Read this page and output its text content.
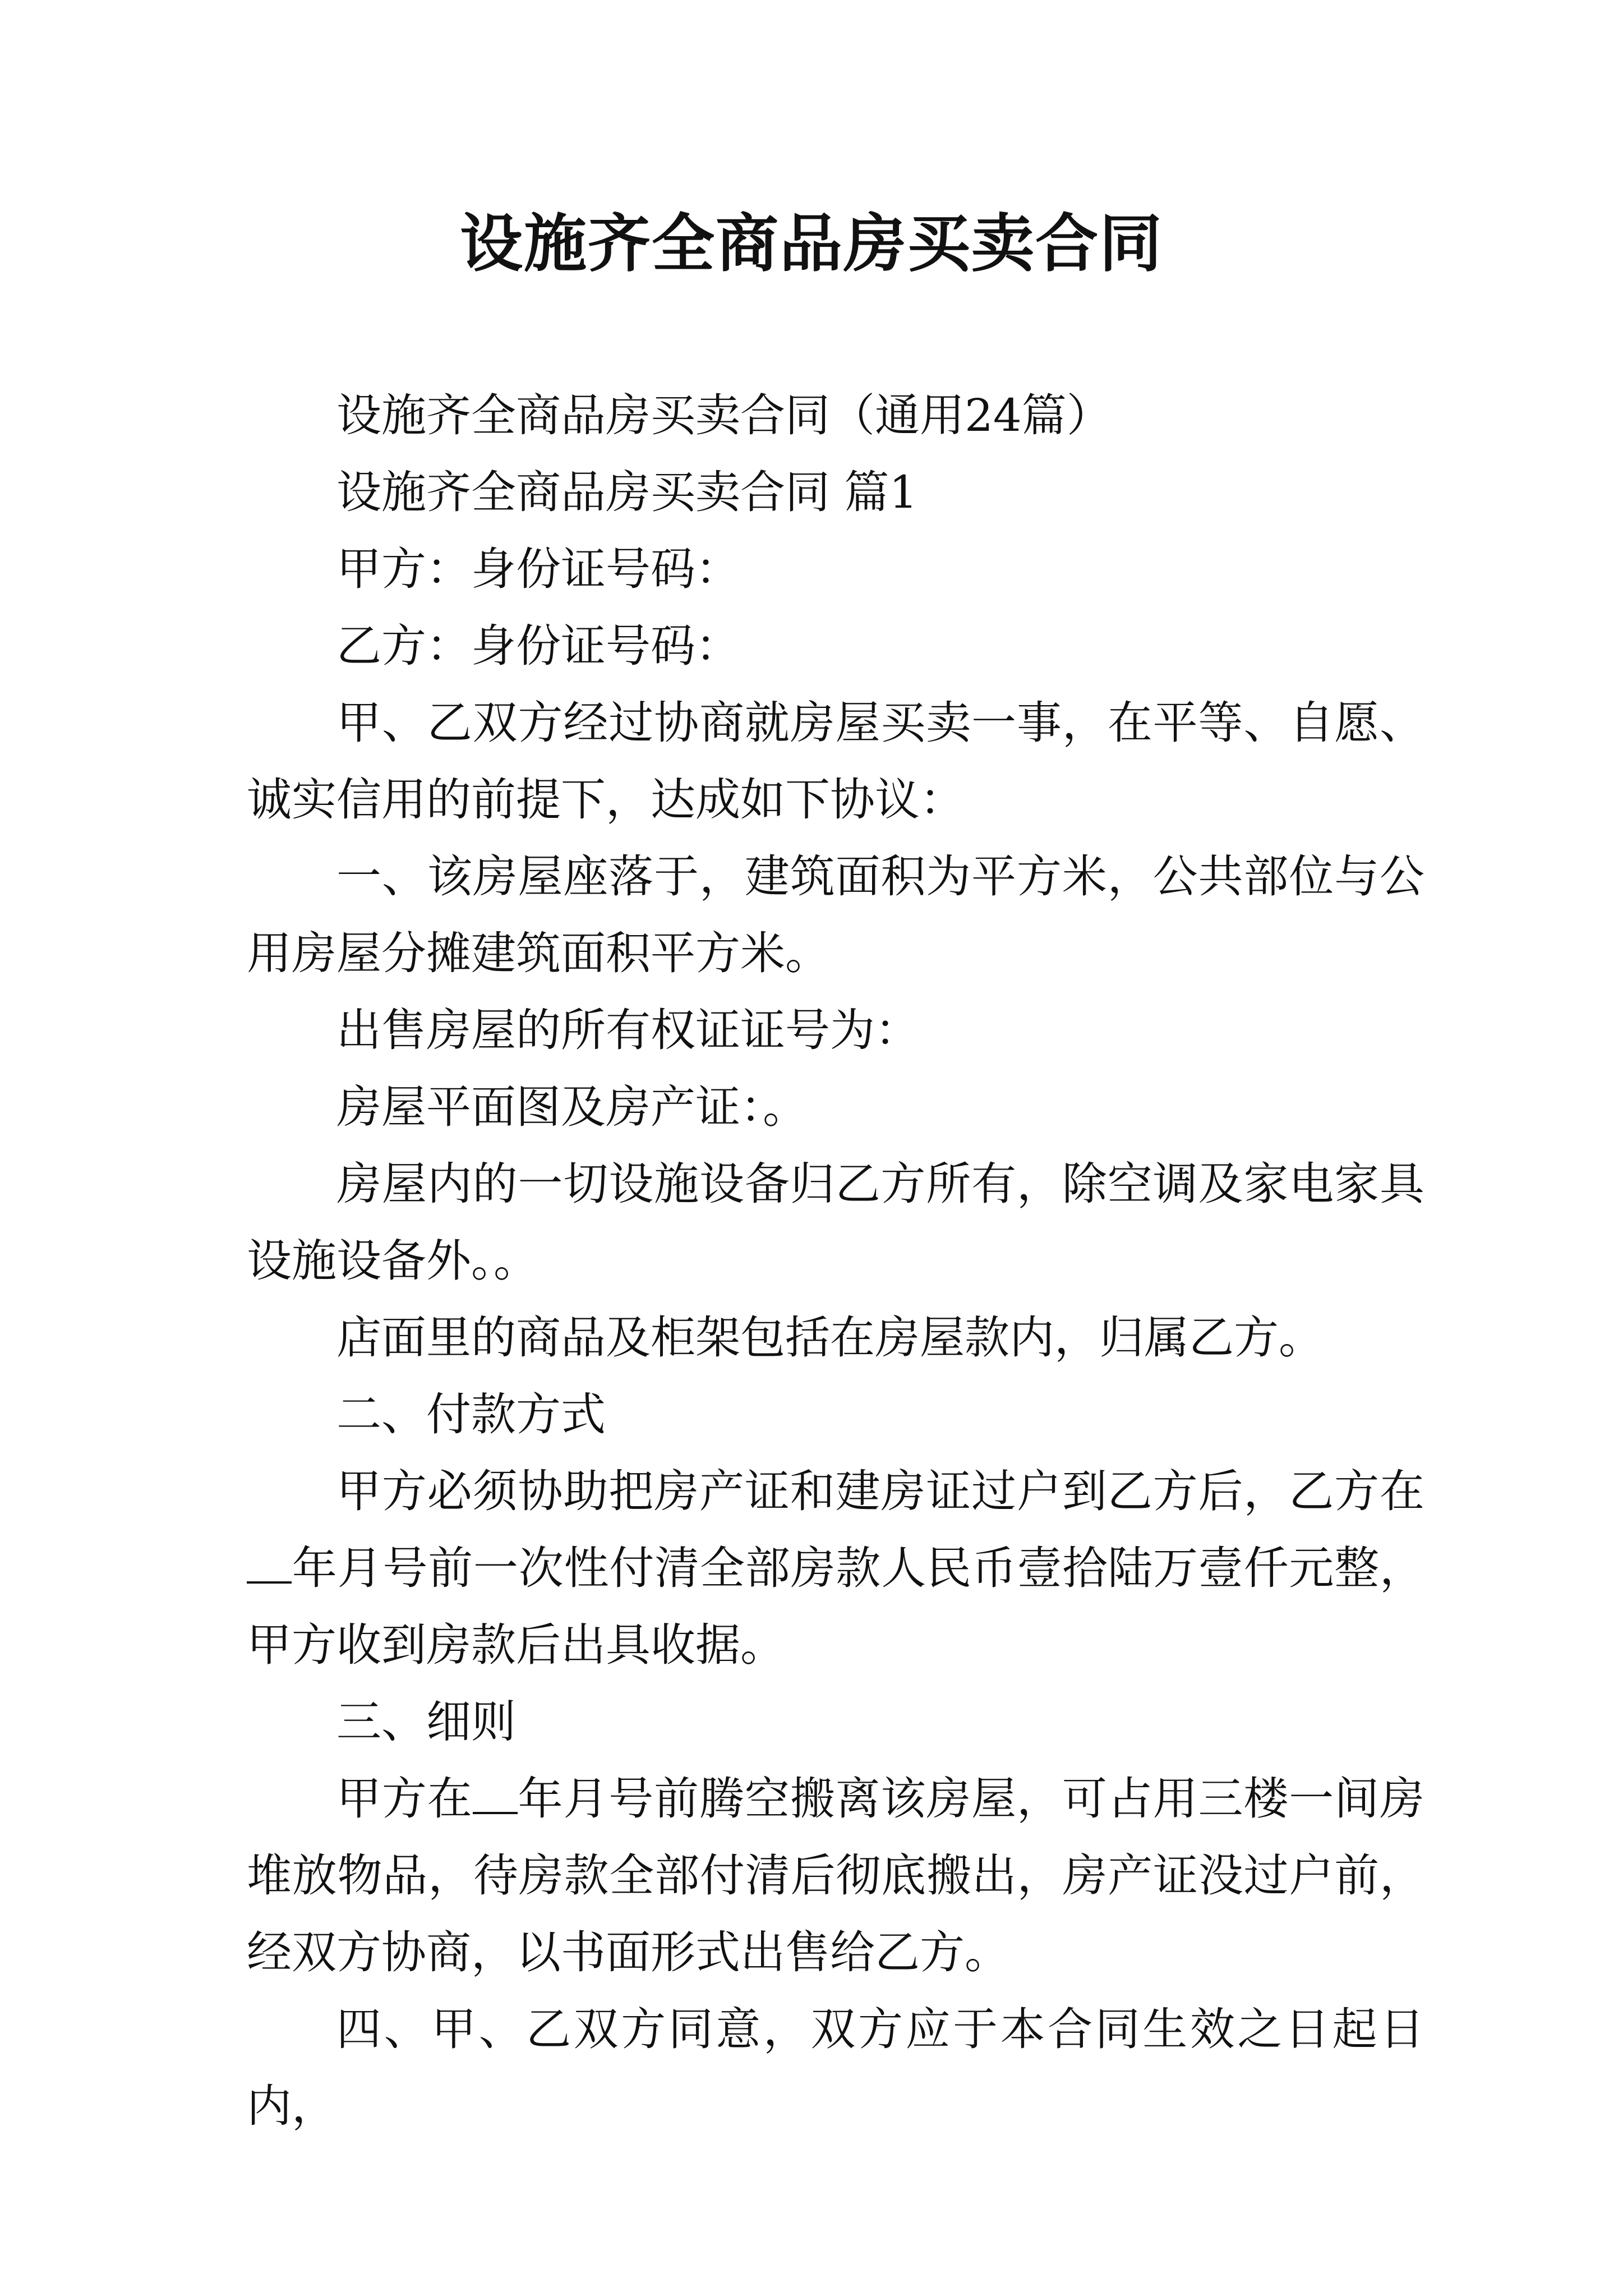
设施齐全商品房买卖合同

设施齐全商品房买卖合同（通用24篇）

设施齐全商品房买卖合同 篇1

甲方：身份证号码：

乙方：身份证号码：

甲、乙双方经过协商就房屋买卖一事，在平等、自愿、诚实信用的前提下，达成如下协议：

一、该房屋座落于，建筑面积为平方米，公共部位与公用房屋分摊建筑面积平方米。

出售房屋的所有权证证号为：

房屋平面图及房产证：。

房屋内的一切设施设备归乙方所有，除空调及家电家具设施设备外。。

店面里的商品及柜架包括在房屋款内，归属乙方。

二、付款方式

甲方必须协助把房产证和建房证过户到乙方后，乙方在年月号前一次性付清全部房款人民币壹拾陆万壹仟元整，甲方收到房款后出具收据。

三、细则

甲方在 年月号前腾空搬离该房屋，可占用三楼一间房堆放物品，待房款全部付清后彻底搬出，房产证没过户前，经双方协商，以书面形式出售给乙方。

四、甲、乙双方同意，双方应于本合同生效之日起日内，
